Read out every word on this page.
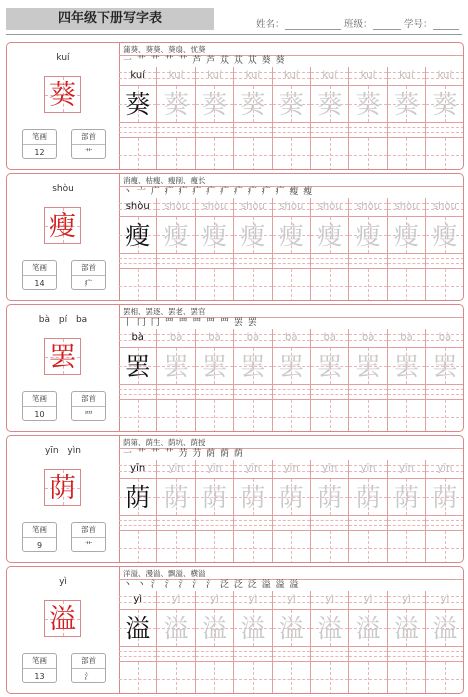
四年级下册写字表	姓名：	班级：	学号：
kuí
葵
笔画
12
部首
艹
蒲葵、葵葵、葵扇、忧葵
一 艹 艹 艹 艹 芦 芦 苁 苁 苁 葵 葵
kuí
葵
kuí
葵
kuí
葵
kuí
葵
kuí
葵
kuí
葵
kuí
葵
kuí
葵
kuí
葵
shòu
瘦
笔画
14
部首
疒
消瘦、枯瘦、瘦削、瘦长
丶 亠 广 疒 疒 疒 疒 疒 疒 疒 疒 疒 瘦 瘦
shòu
瘦
shòu
瘦
shòu
瘦
shòu
瘦
shòu
瘦
shòu
瘦
shòu
瘦
shòu
瘦
shòu
瘦
bà pí ba
罢
笔画
10
部首
罒
罢相、罢逐、罢老、罢官
丨 冂 冂 罒 罒 罒 罒 罒 罢 罢
bà
罢
bà
罢
bà
罢
bà
罢
bà
罢
bà
罢
bà
罢
bà
罢
bà
罢
yīn yìn
荫
笔画
9
部首
艹
荫第、荫生、荫坑、荫授
一 艹 艹 艹 芀 芀 荫 荫 荫
yīn
荫
yīn
荫
yīn
荫
yīn
荫
yīn
荫
yīn
荫
yīn
荫
yīn
荫
yīn
荫
yì
溢
笔画
13
部首
氵
洋溢、漫溢、飘溢、横溢
丶 丶 氵 氵 氵 氵 氵 泛 泛 泛 溢 溢 溢
yì
溢
yì
溢
yì
溢
yì
溢
yì
溢
yì
溢
yì
溢
yì
溢
yì
溢
